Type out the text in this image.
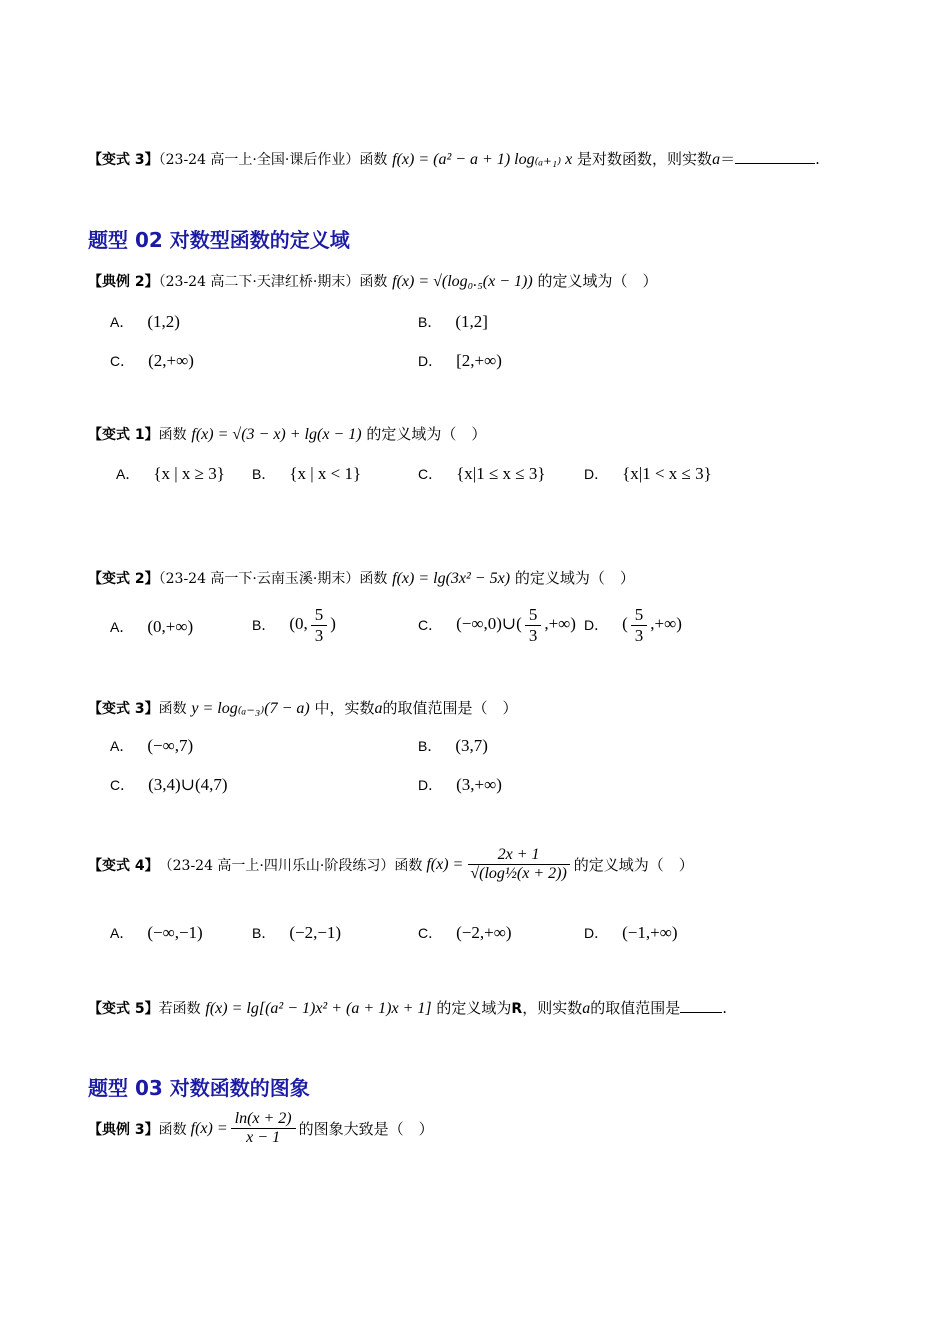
【变式 3】（23-24 高一上·全国·课后作业）函数 f(x) = (a² − a + 1) log₍ₐ₊₁₎ x 是对数函数，则实数a＝	.
题型 02 对数型函数的定义域
【典例 2】（23-24 高二下·天津红桥·期末）函数 f(x) = √(log₀.₅(x − 1)) 的定义域为（　）
A． (1,2)	B． (1,2]
C． (2,+∞)	D． [2,+∞)
【变式 1】函数 f(x) = √(3 − x) + lg(x − 1) 的定义域为（　）
A． {x | x ≥ 3} B． {x | x < 1}	C． {x|1 ≤ x ≤ 3}	D． {x|1 < x ≤ 3}
【变式 2】（23-24 高一下·云南玉溪·期末）函数 f(x) = lg(3x² − 5x) 的定义域为（　）
A． (0,+∞)	B． (0, $\frac{5}{3}$ )	C． (−∞,0)∪( $\frac{5}{3}$ ,+∞) D． ( $\frac{5}{3}$ ,+∞)
【变式 3】函数 y = log₍ₐ₋₃₎(7 − a) 中，实数a的取值范围是（　）
A． (−∞,7)	B． (3,7)
C． (3,4)∪(4,7)	D． (3,+∞)
【变式 4】 （23-24 高一上·四川乐山·阶段练习）函数 $f(x) = \frac{2x + 1}{\text{√(log½(x + 2))}}$ 的定义域为（　）
A． (−∞,−1)	B． (−2,−1)	C． (−2,+∞)	D． (−1,+∞)
【变式 5】若函数 f(x) = lg[(a² − 1)x² + (a + 1)x + 1] 的定义域为R，则实数a的取值范围是	.
题型 03 对数函数的图象
【典例 3】 函数 $f(x) = \frac{\ln(x + 2)}{x - 1}$ 的图象大致是（　）
